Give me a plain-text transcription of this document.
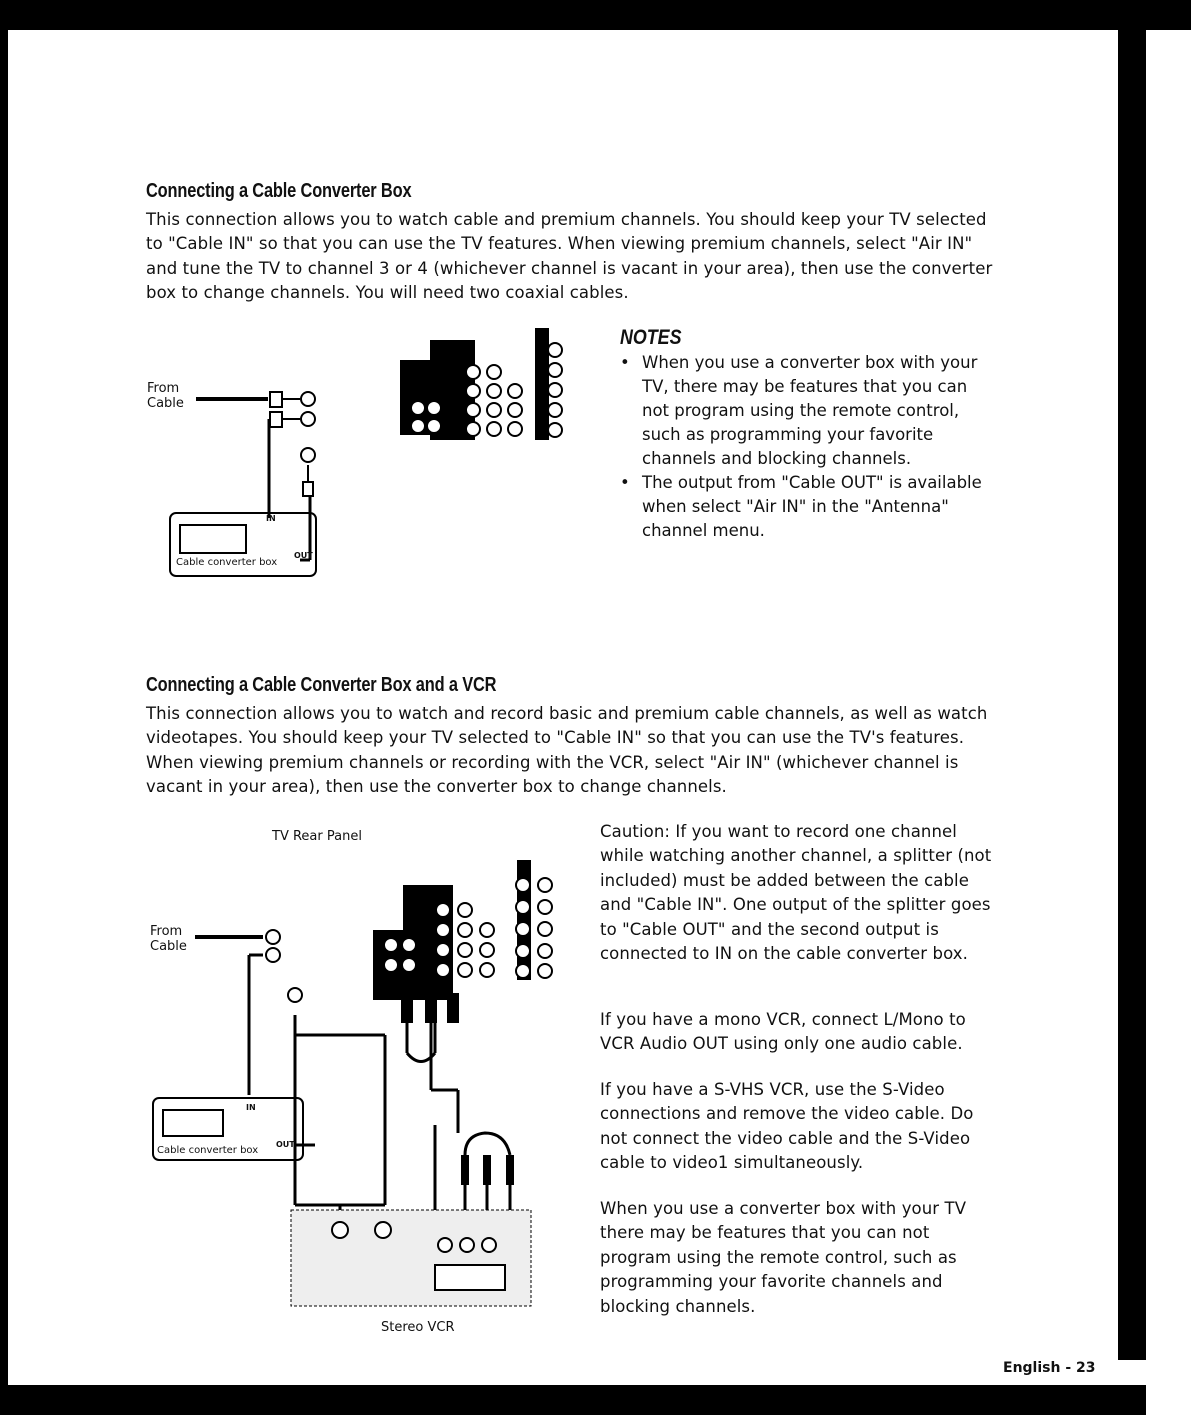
Connecting a Cable Converter Box
This connection allows you to watch cable and premium channels. You should keep your TV selected to "Cable IN" so that you can use the TV features. When viewing premium channels, select "Air IN" and tune the TV to channel 3 or 4 (whichever channel is vacant in your area), then use the converter box to change channels. You will need two coaxial cables.
From Cable
IN
OUT
Cable converter box
NOTES
• When you use a converter box with your TV, there may be features that you can not program using the remote control, such as programming your favorite channels and blocking channels.
• The output from "Cable OUT" is available when select "Air IN" in the "Antenna" channel menu.
Connecting a Cable Converter Box and a VCR
This connection allows you to watch and record basic and premium cable channels, as well as watch videotapes. You should keep your TV selected to "Cable IN" so that you can use the TV's features. When viewing premium channels or recording with the VCR, select "Air IN" (whichever channel is vacant in your area), then use the converter box to change channels.
TV Rear Panel
From Cable
IN
OUT
Cable converter box
Stereo VCR
Caution: If you want to record one channel while watching another channel, a splitter (not included) must be added between the cable and "Cable IN". One output of the splitter goes to "Cable OUT" and the second output is connected to IN on the cable converter box.
If you have a mono VCR, connect L/Mono to VCR Audio OUT using only one audio cable.
If you have a S-VHS VCR, use the S-Video connections and remove the video cable. Do not connect the video cable and the S-Video cable to video1 simultaneously.
When you use a converter box with your TV there may be features that you can not program using the remote control, such as programming your favorite channels and blocking channels.
English - 23
